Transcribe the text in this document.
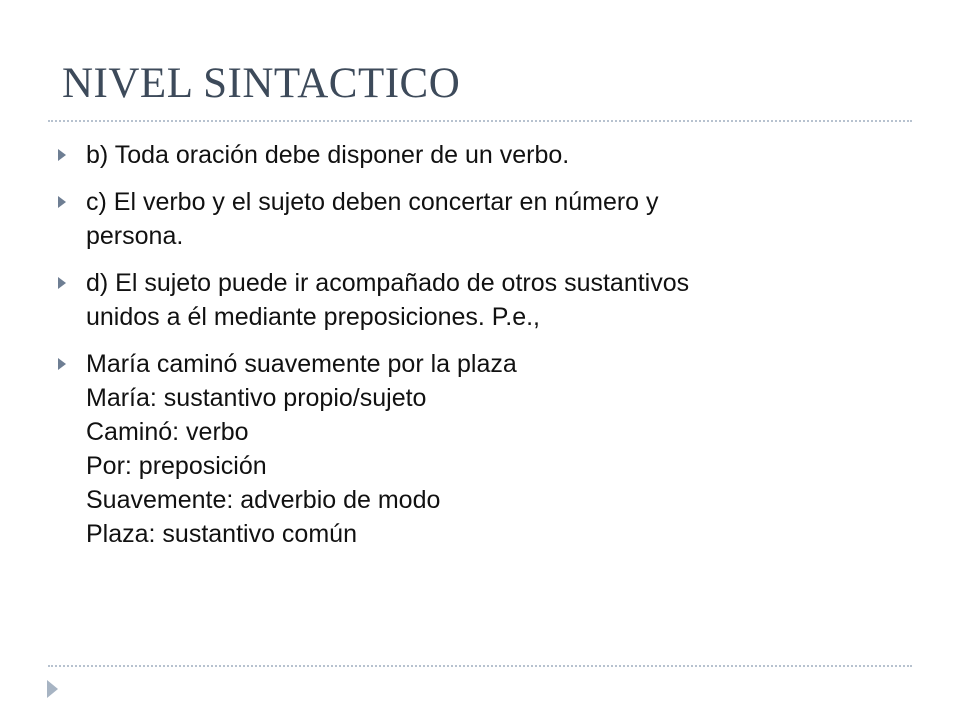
NIVEL SINTACTICO
b) Toda oración debe disponer de un verbo.
c) El verbo y el sujeto deben concertar en número y
persona.
d) El sujeto puede ir acompañado de otros sustantivos
unidos a él mediante preposiciones. P.e.,
María caminó suavemente por la plaza
María: sustantivo propio/sujeto
Caminó: verbo
Por: preposición
Suavemente: adverbio de modo
Plaza: sustantivo común
